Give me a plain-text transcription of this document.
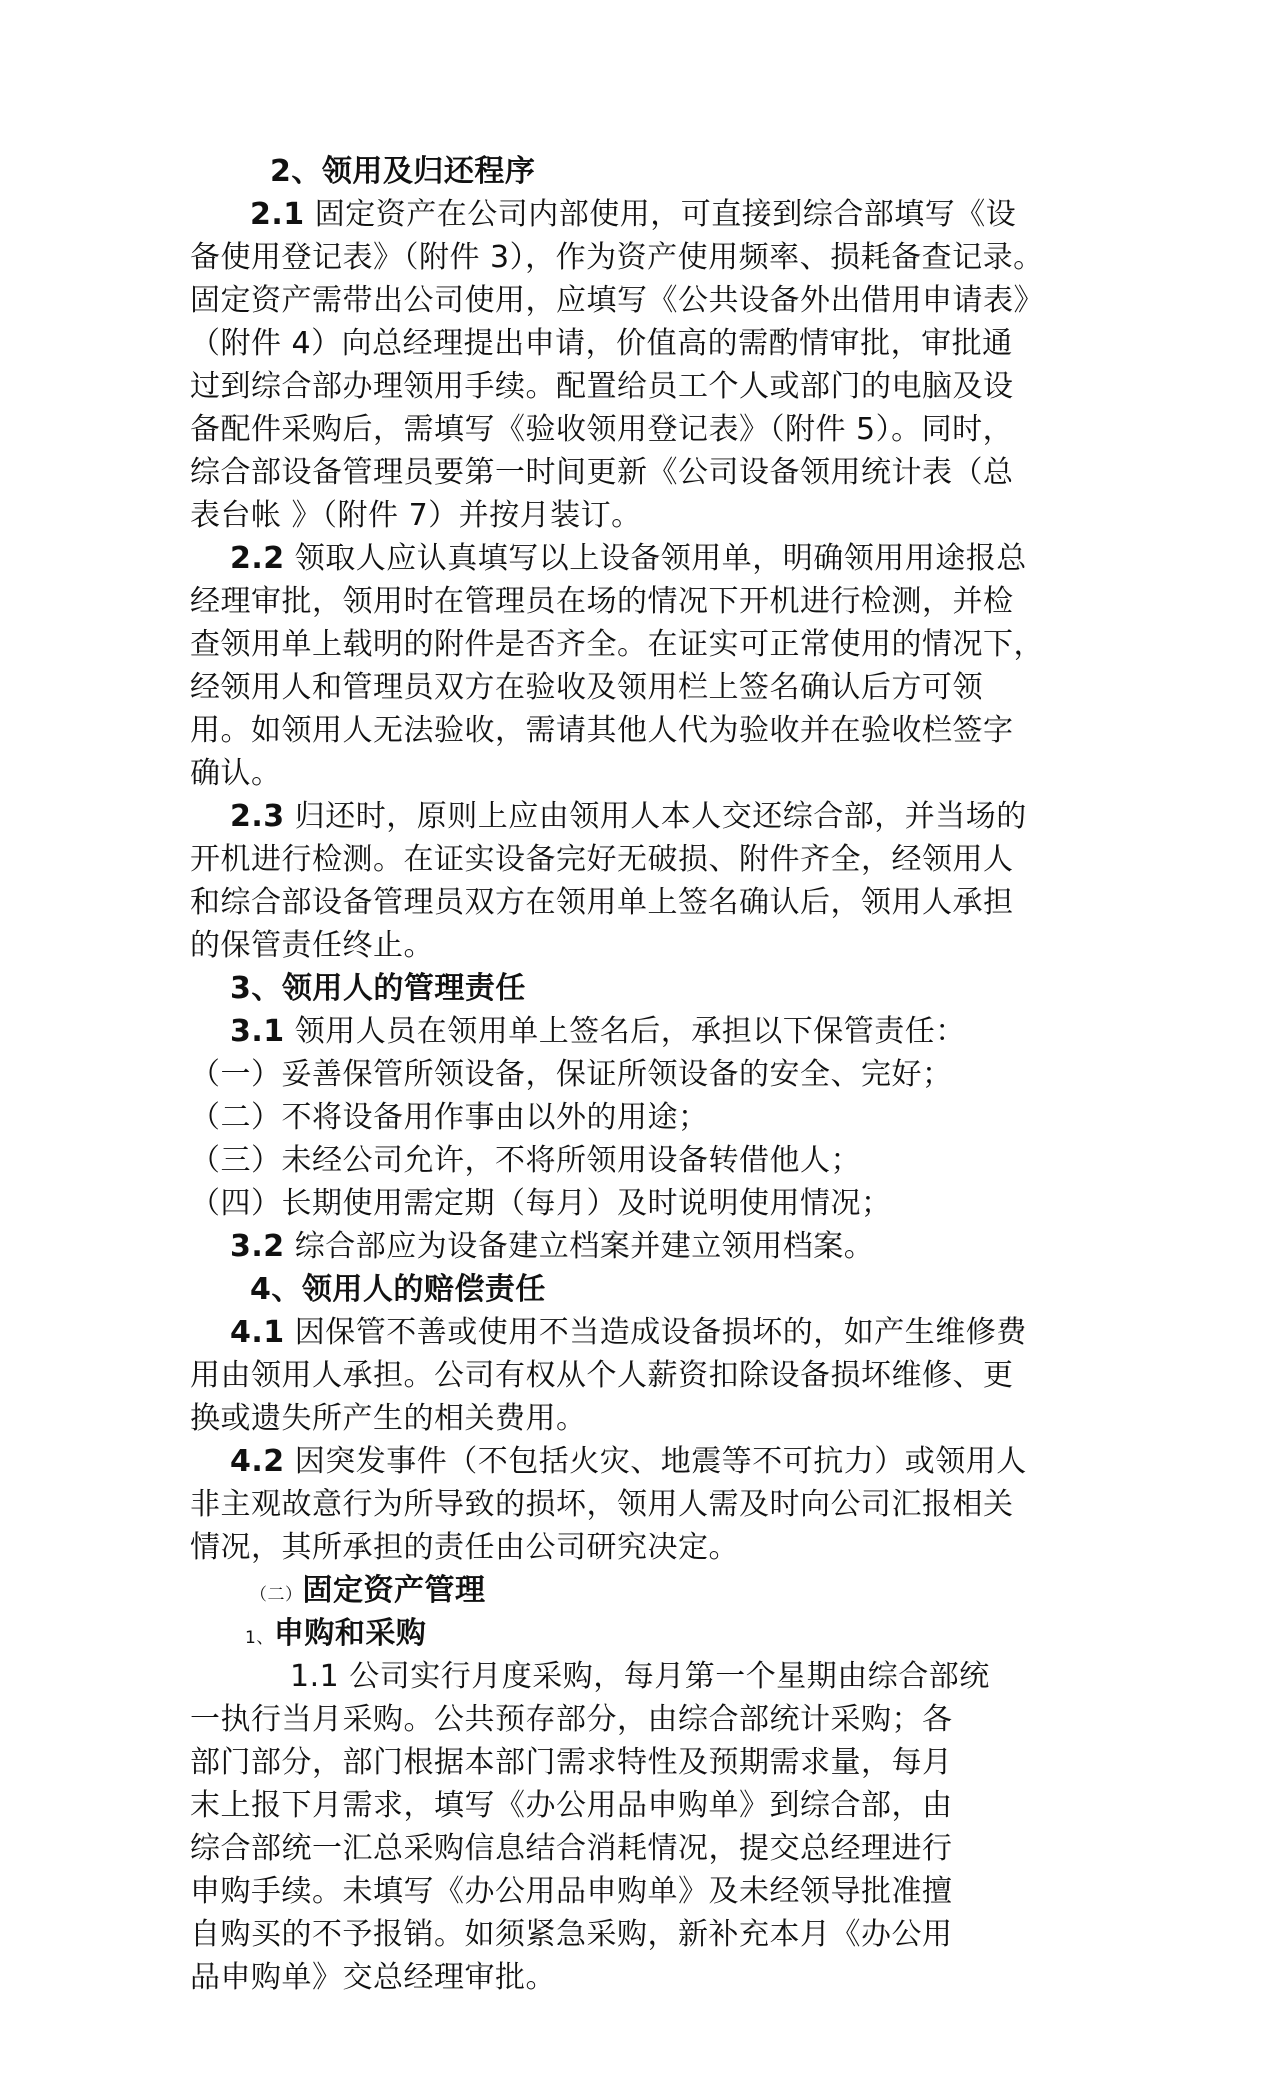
2、领用及归还程序
2.1 固定资产在公司内部使用，可直接到综合部填写《设
备使用登记表》（附件 3），作为资产使用频率、损耗备查记录。
固定资产需带出公司使用，应填写《公共设备外出借用申请表》
（附件 4）向总经理提出申请，价值高的需酌情审批，审批通
过到综合部办理领用手续。配置给员工个人或部门的电脑及设
备配件采购后，需填写《验收领用登记表》（附件 5）。同时，
综合部设备管理员要第一时间更新《公司设备领用统计表（总
表台帐 》（附件 7）并按月装订。
2.2 领取人应认真填写以上设备领用单，明确领用用途报总
经理审批，领用时在管理员在场的情况下开机进行检测，并检
查领用单上载明的附件是否齐全。在证实可正常使用的情况下，
经领用人和管理员双方在验收及领用栏上签名确认后方可领
用。如领用人无法验收，需请其他人代为验收并在验收栏签字
确认。
2.3 归还时，原则上应由领用人本人交还综合部，并当场的
开机进行检测。在证实设备完好无破损、附件齐全，经领用人
和综合部设备管理员双方在领用单上签名确认后，领用人承担
的保管责任终止。
3、领用人的管理责任
3.1 领用人员在领用单上签名后，承担以下保管责任：
（一）妥善保管所领设备，保证所领设备的安全、完好；
（二）不将设备用作事由以外的用途；
（三）未经公司允许，不将所领用设备转借他人；
（四）长期使用需定期（每月）及时说明使用情况；
3.2 综合部应为设备建立档案并建立领用档案。
4、领用人的赔偿责任
4.1 因保管不善或使用不当造成设备损坏的，如产生维修费
用由领用人承担。公司有权从个人薪资扣除设备损坏维修、更
换或遗失所产生的相关费用。
4.2 因突发事件（不包括火灾、地震等不可抗力）或领用人
非主观故意行为所导致的损坏，领用人需及时向公司汇报相关
情况，其所承担的责任由公司研究决定。
（二）固定资产管理
1、申购和采购
1.1 公司实行月度采购，每月第一个星期由综合部统
一执行当月采购。公共预存部分，由综合部统计采购；各
部门部分，部门根据本部门需求特性及预期需求量，每月
末上报下月需求，填写《办公用品申购单》到综合部，由
综合部统一汇总采购信息结合消耗情况，提交总经理进行
申购手续。未填写《办公用品申购单》及未经领导批准擅
自购买的不予报销。如须紧急采购，新补充本月《办公用
品申购单》交总经理审批。
